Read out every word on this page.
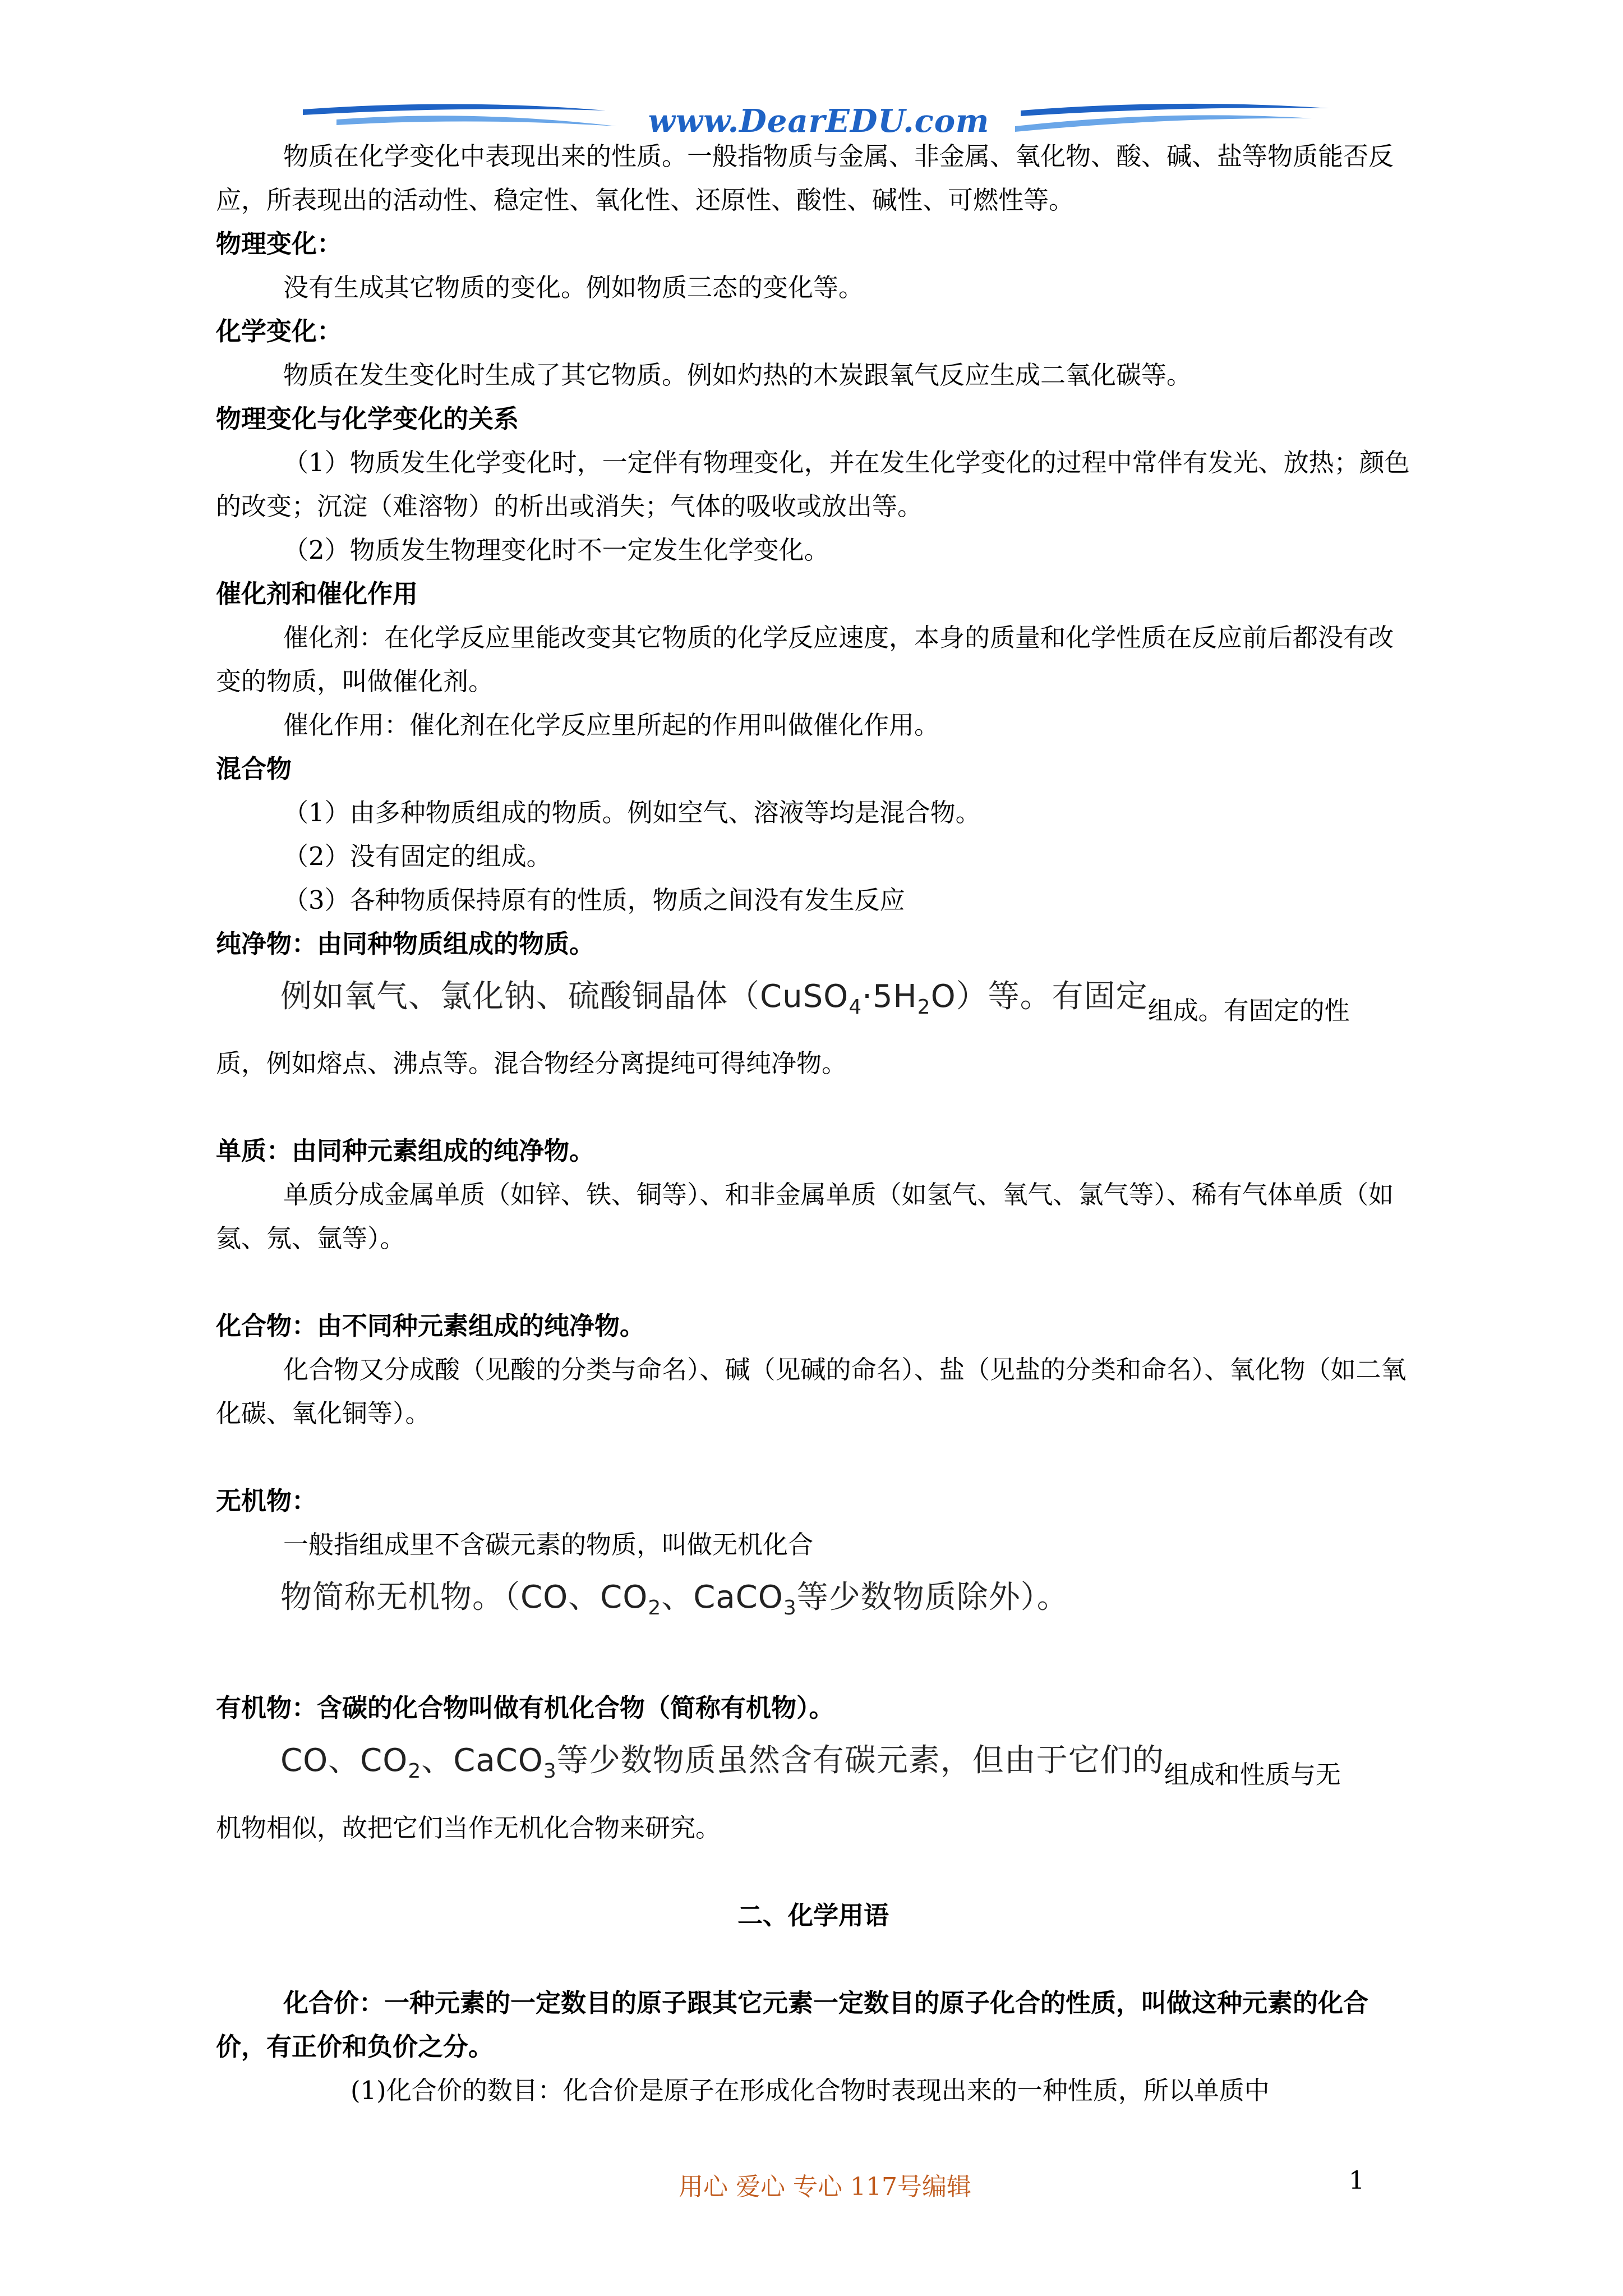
www.DearEDU.com

物质在化学变化中表现出来的性质。一般指物质与金属、非金属、氧化物、酸、碱、盐等物质能否反应，所表现出的活动性、稳定性、氧化性、还原性、酸性、碱性、可燃性等。

物理变化：

没有生成其它物质的变化。例如物质三态的变化等。

化学变化：

物质在发生变化时生成了其它物质。例如灼热的木炭跟氧气反应生成二氧化碳等。

物理变化与化学变化的关系

（1）物质发生化学变化时，一定伴有物理变化，并在发生化学变化的过程中常伴有发光、放热；颜色的改变；沉淀（难溶物）的析出或消失；气体的吸收或放出等。

（2）物质发生物理变化时不一定发生化学变化。

催化剂和催化作用

催化剂：在化学反应里能改变其它物质的化学反应速度，本身的质量和化学性质在反应前后都没有改变的物质，叫做催化剂。

催化作用：催化剂在化学反应里所起的作用叫做催化作用。

混合物

（1）由多种物质组成的物质。例如空气、溶液等均是混合物。

（2）没有固定的组成。

（3）各种物质保持原有的性质，物质之间没有发生反应

纯净物：由同种物质组成的物质。

例如氧气、氯化钠、硫酸铜晶体$(CuSO_4\cdot 5H_2O)$等。有固定组成。有固定的性

质，例如熔点、沸点等。混合物经分离提纯可得纯净物。

单质：由同种元素组成的纯净物。

单质分成金属单质（如锌、铁、铜等）、和非金属单质（如氢气、氧气、氯气等）、稀有气体单质（如氦、氖、氩等）。

化合物：由不同种元素组成的纯净物。

化合物又分成酸（见酸的分类与命名）、碱（见碱的命名）、盐（见盐的分类和命名）、氧化物（如二氧化碳、氧化铜等）。

无机物：

一般指组成里不含碳元素的物质，叫做无机化合

物简称无机物。（CO、$CO_2$、CaCO$_3$等少数物质除外）。

有机物：含碳的化合物叫做有机化合物（简称有机物）。

CO、$CO_2$、CaCO$_3$等少数物质虽然含有碳元素，但由于它们的组成和性质与无

机物相似，故把它们当作无机化合物来研究。

二、化学用语

化合价：一种元素的一定数目的原子跟其它元素一定数目的原子化合的性质，叫做这种元素的化合价，有正价和负价之分。

(1)化合价的数目：化合价是原子在形成化合物时表现出来的一种性质，所以单质中

用心 爱心 专心 117号编辑	1
